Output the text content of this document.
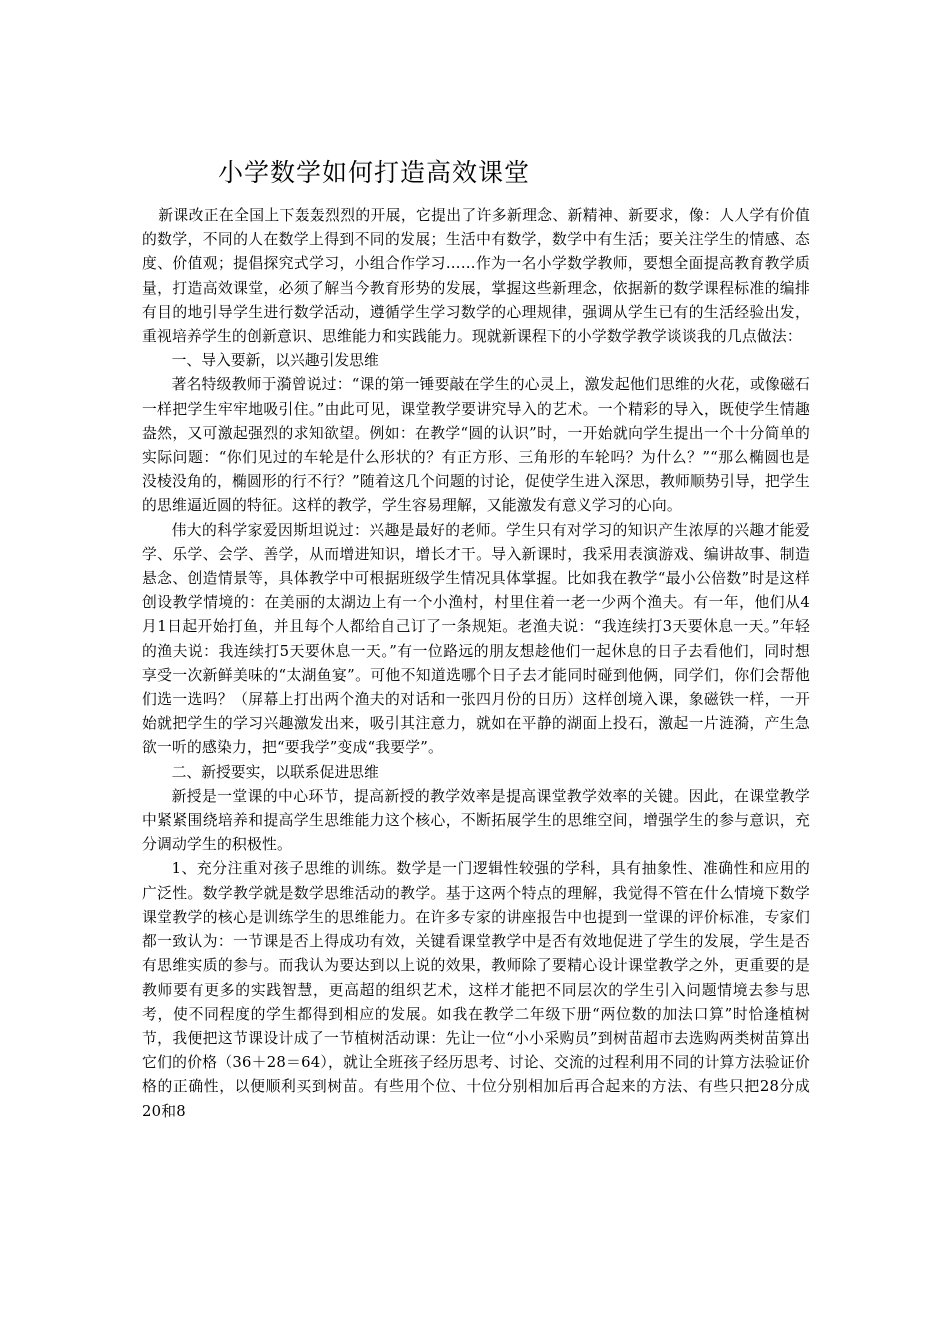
小学数学如何打造高效课堂

新课改正在全国上下轰轰烈烈的开展，它提出了许多新理念、新精神、新要求，像：人人学有价值的数学，不同的人在数学上得到不同的发展；生活中有数学，数学中有生活；要关注学生的情感、态度、价值观；提倡探究式学习，小组合作学习……作为一名小学数学教师，要想全面提高教育教学质量，打造高效课堂，必须了解当今教育形势的发展，掌握这些新理念，依据新的数学课程标准的编排有目的地引导学生进行数学活动，遵循学生学习数学的心理规律，强调从学生已有的生活经验出发，重视培养学生的创新意识、思维能力和实践能力。现就新课程下的小学数学教学谈谈我的几点做法：

一、导入要新，以兴趣引发思维

著名特级教师于漪曾说过：“课的第一锤要敲在学生的心灵上，激发起他们思维的火花，或像磁石一样把学生牢牢地吸引住。”由此可见，课堂教学要讲究导入的艺术。一个精彩的导入，既使学生情趣盎然，又可激起强烈的求知欲望。例如：在教学“圆的认识”时，一开始就向学生提出一个十分简单的实际问题：“你们见过的车轮是什么形状的？有正方形、三角形的车轮吗？为什么？”“那么椭圆也是没棱没角的，椭圆形的行不行？”随着这几个问题的讨论，促使学生进入深思，教师顺势引导，把学生的思维逼近圆的特征。这样的教学，学生容易理解，又能激发有意义学习的心向。

伟大的科学家爱因斯坦说过：兴趣是最好的老师。学生只有对学习的知识产生浓厚的兴趣才能爱学、乐学、会学、善学，从而增进知识，增长才干。导入新课时，我采用表演游戏、编讲故事、制造悬念、创造情景等，具体教学中可根据班级学生情况具体掌握。比如我在教学“最小公倍数”时是这样创设教学情境的：在美丽的太湖边上有一个小渔村，村里住着一老一少两个渔夫。有一年，他们从4月1日起开始打鱼，并且每个人都给自己订了一条规矩。老渔夫说：“我连续打3天要休息一天。”年轻的渔夫说：我连续打5天要休息一天。”有一位路远的朋友想趁他们一起休息的日子去看他们，同时想享受一次新鲜美味的“太湖鱼宴”。可他不知道选哪个日子去才能同时碰到他俩，同学们，你们会帮他们选一选吗？（屏幕上打出两个渔夫的对话和一张四月份的日历）这样创境入课，象磁铁一样，一开始就把学生的学习兴趣激发出来，吸引其注意力，就如在平静的湖面上投石，激起一片涟漪，产生急欲一听的感染力，把“要我学”变成“我要学”。

二、新授要实，以联系促进思维

新授是一堂课的中心环节，提高新授的教学效率是提高课堂教学效率的关键。因此，在课堂教学中紧紧围绕培养和提高学生思维能力这个核心，不断拓展学生的思维空间，增强学生的参与意识，充分调动学生的积极性。

1、充分注重对孩子思维的训练。数学是一门逻辑性较强的学科，具有抽象性、准确性和应用的广泛性。数学教学就是数学思维活动的教学。基于这两个特点的理解，我觉得不管在什么情境下数学课堂教学的核心是训练学生的思维能力。在许多专家的讲座报告中也提到一堂课的评价标准，专家们都一致认为：一节课是否上得成功有效，关键看课堂教学中是否有效地促进了学生的发展，学生是否有思维实质的参与。而我认为要达到以上说的效果，教师除了要精心设计课堂教学之外，更重要的是教师要有更多的实践智慧，更高超的组织艺术，这样才能把不同层次的学生引入问题情境去参与思考，使不同程度的学生都得到相应的发展。如我在教学二年级下册“两位数的加法口算”时恰逢植树节，我便把这节课设计成了一节植树活动课：先让一位“小小采购员”到树苗超市去选购两类树苗算出它们的价格（36＋28＝64），就让全班孩子经历思考、讨论、交流的过程利用不同的计算方法验证价格的正确性，以便顺利买到树苗。有些用个位、十位分别相加后再合起来的方法、有些只把28分成20和8
